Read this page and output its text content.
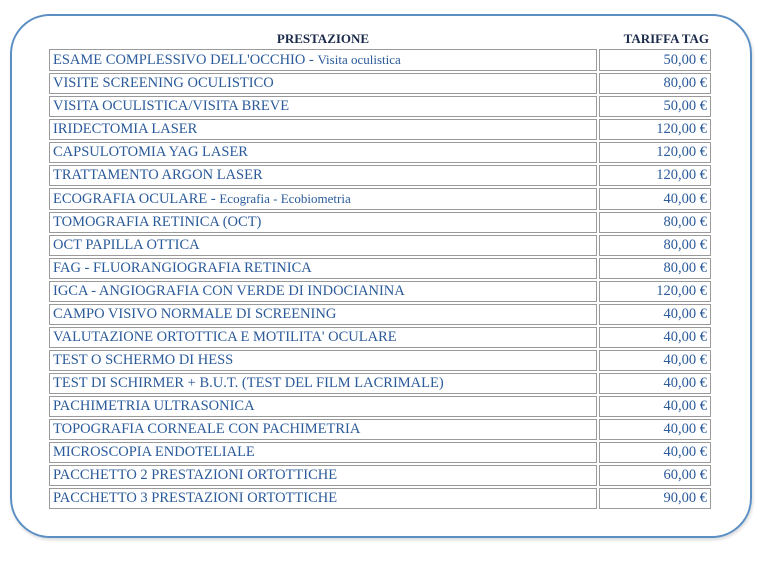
PRESTAZIONE	TARIFFA TAG
ESAME COMPLESSIVO DELL'OCCHIO - Visita oculistica	50,00 €
VISITE SCREENING OCULISTICO	80,00 €
VISITA OCULISTICA/VISITA BREVE	50,00 €
IRIDECTOMIA LASER	120,00 €
CAPSULOTOMIA YAG LASER	120,00 €
TRATTAMENTO ARGON LASER	120,00 €
ECOGRAFIA OCULARE - Ecografia - Ecobiometria	40,00 €
TOMOGRAFIA RETINICA (OCT)	80,00 €
OCT PAPILLA OTTICA	80,00 €
FAG - FLUORANGIOGRAFIA RETINICA	80,00 €
IGCA - ANGIOGRAFIA CON VERDE DI INDOCIANINA	120,00 €
CAMPO VISIVO NORMALE DI SCREENING	40,00 €
VALUTAZIONE ORTOTTICA E MOTILITA' OCULARE	40,00 €
TEST O SCHERMO DI HESS	40,00 €
TEST DI SCHIRMER + B.U.T. (TEST DEL FILM LACRIMALE)	40,00 €
PACHIMETRIA ULTRASONICA	40,00 €
TOPOGRAFIA CORNEALE CON PACHIMETRIA	40,00 €
MICROSCOPIA ENDOTELIALE	40,00 €
PACCHETTO 2 PRESTAZIONI ORTOTTICHE	60,00 €
PACCHETTO 3 PRESTAZIONI ORTOTTICHE	90,00 €
